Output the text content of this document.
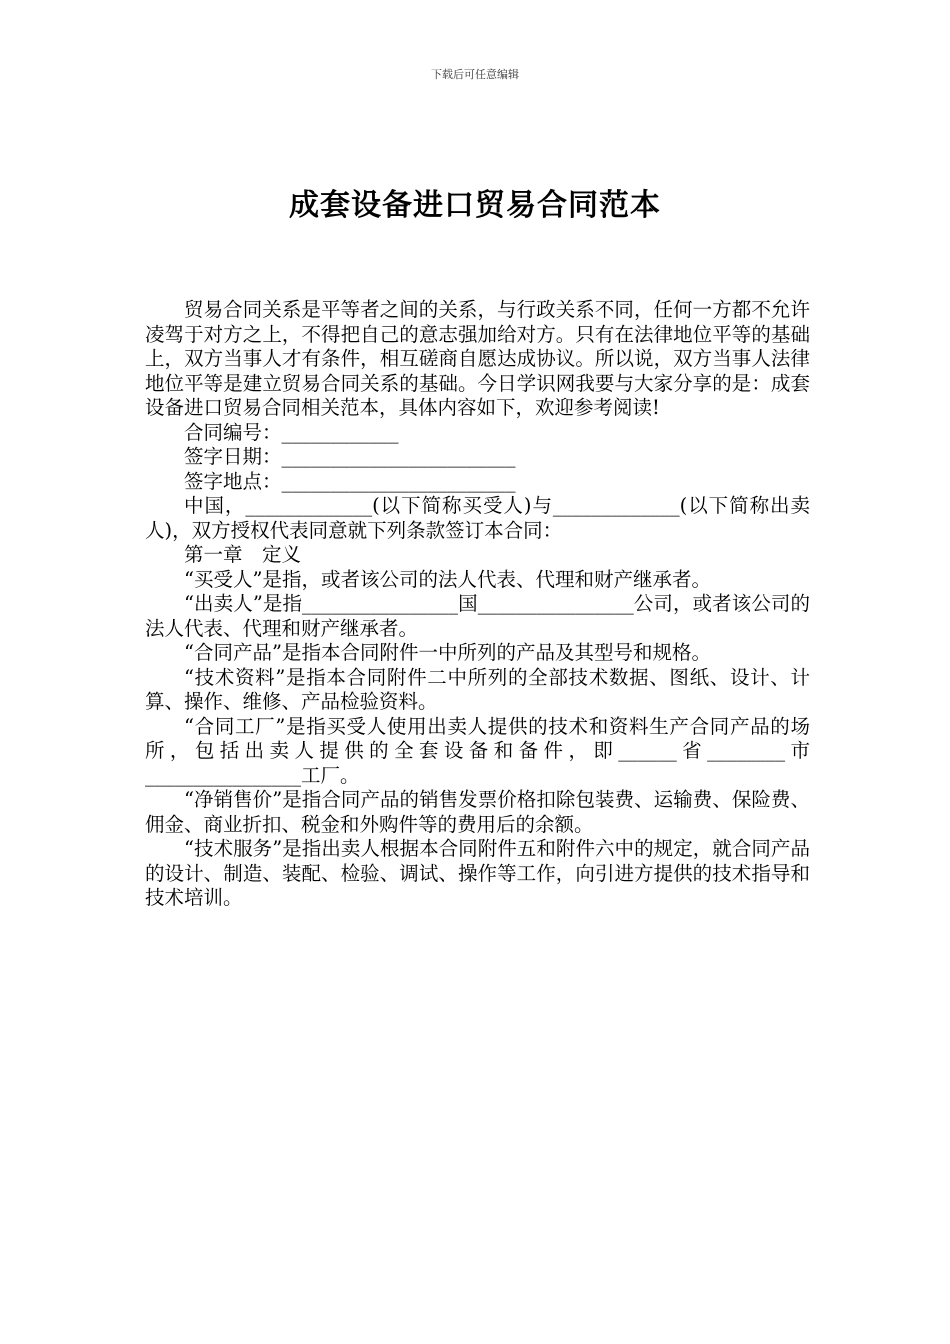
下载后可任意编辑
成套设备进口贸易合同范本

贸易合同关系是平等者之间的关系，与行政关系不同，任何一方都不允许凌驾于对方之上，不得把自己的意志强加给对方。只有在法律地位平等的基础上，双方当事人才有条件，相互磋商自愿达成协议。所以说，双方当事人法律地位平等是建立贸易合同关系的基础。今日学识网我要与大家分享的是：成套设备进口贸易合同相关范本，具体内容如下，欢迎参考阅读!

合同编号：____________

签字日期：________________________

签字地点：________________________

中国，_____________(以下简称买受人)与_____________(以下简称出卖人)，双方授权代表同意就下列条款签订本合同：

第一章　定义

“买受人”是指，或者该公司的法人代表、代理和财产继承者。

“出卖人”是指________________国________________公司，或者该公司的法人代表、代理和财产继承者。

“合同产品”是指本合同附件一中所列的产品及其型号和规格。

“技术资料”是指本合同附件二中所列的全部技术数据、图纸、设计、计算、操作、维修、产品检验资料。

“合同工厂”是指买受人使用出卖人提供的技术和资料生产合同产品的场所，包括出卖人提供的全套设备和备件，即______省________市________________工厂。

“净销售价”是指合同产品的销售发票价格扣除包装费、运输费、保险费、佣金、商业折扣、税金和外购件等的费用后的余额。

“技术服务”是指出卖人根据本合同附件五和附件六中的规定，就合同产品的设计、制造、装配、检验、调试、操作等工作，向引进方提供的技术指导和技术培训。
